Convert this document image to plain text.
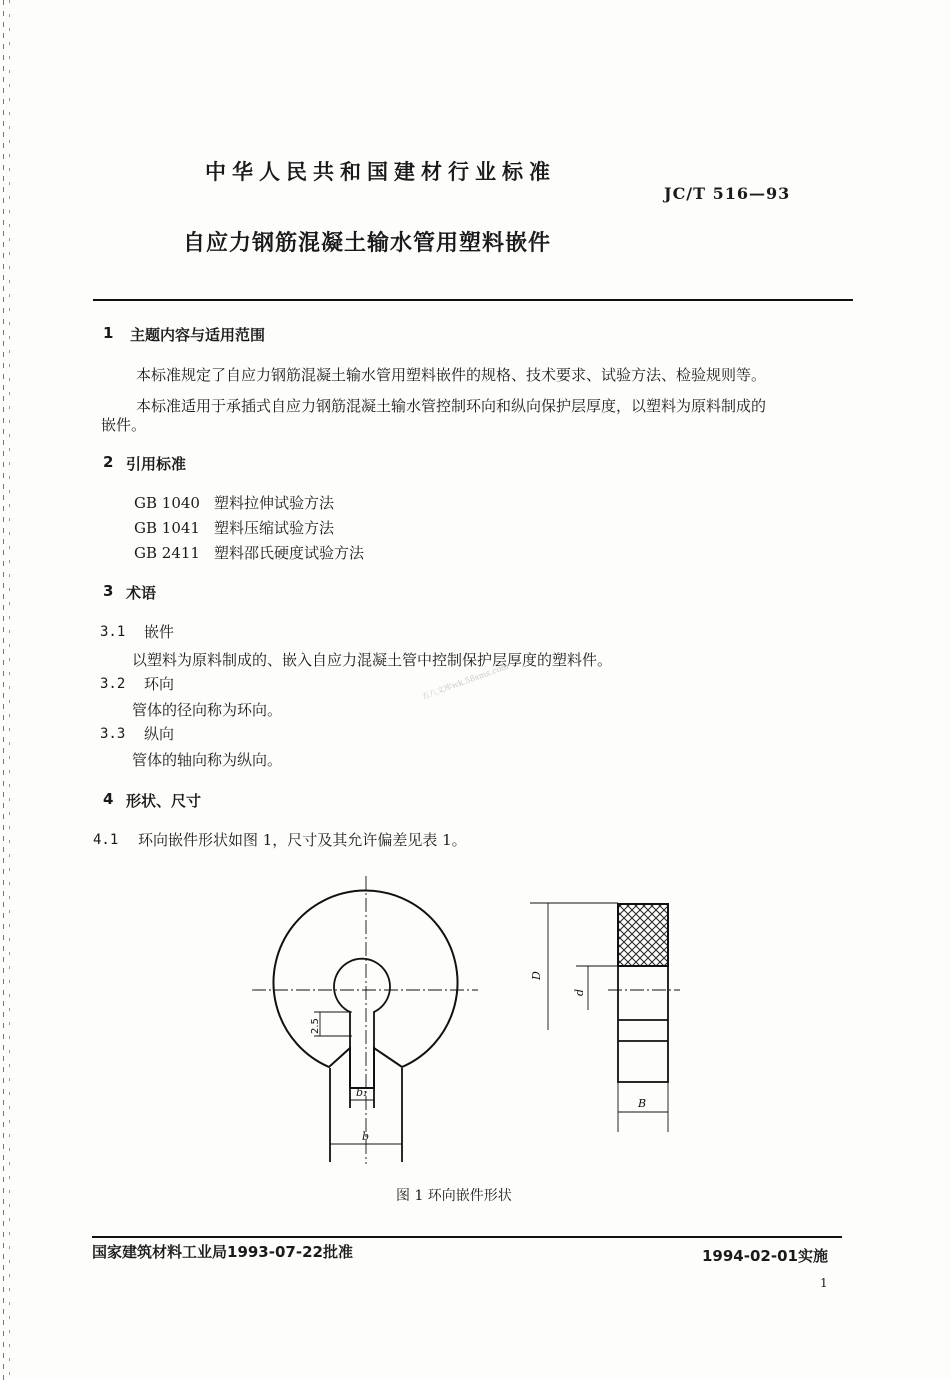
中华人民共和国建材行业标准
JC/T 516—93
自应力钢筋混凝土输水管用塑料嵌件
1 主题内容与适用范围
本标准规定了自应力钢筋混凝土输水管用塑料嵌件的规格、技术要求、试验方法、检验规则等。
本标准适用于承插式自应力钢筋混凝土输水管控制环向和纵向保护层厚度，以塑料为原料制成的
嵌件。
2 引用标准
GB 1040 塑料拉伸试验方法
GB 1041 塑料压缩试验方法
GB 2411 塑料邵氏硬度试验方法
3 术语
3.1 嵌件
以塑料为原料制成的、嵌入自应力混凝土管中控制保护层厚度的塑料件。
3.2 环向
管体的径向称为环向。
3.3 纵向
管体的轴向称为纵向。
五八文库wk.58sms.com
4 形状、尺寸
4.1 环向嵌件形状如图 1，尺寸及其允许偏差见表 1。
2.5
b₁
b
D
d
B
图 1 环向嵌件形状
国家建筑材料工业局1993-07-22批准	1994-02-01实施
1
